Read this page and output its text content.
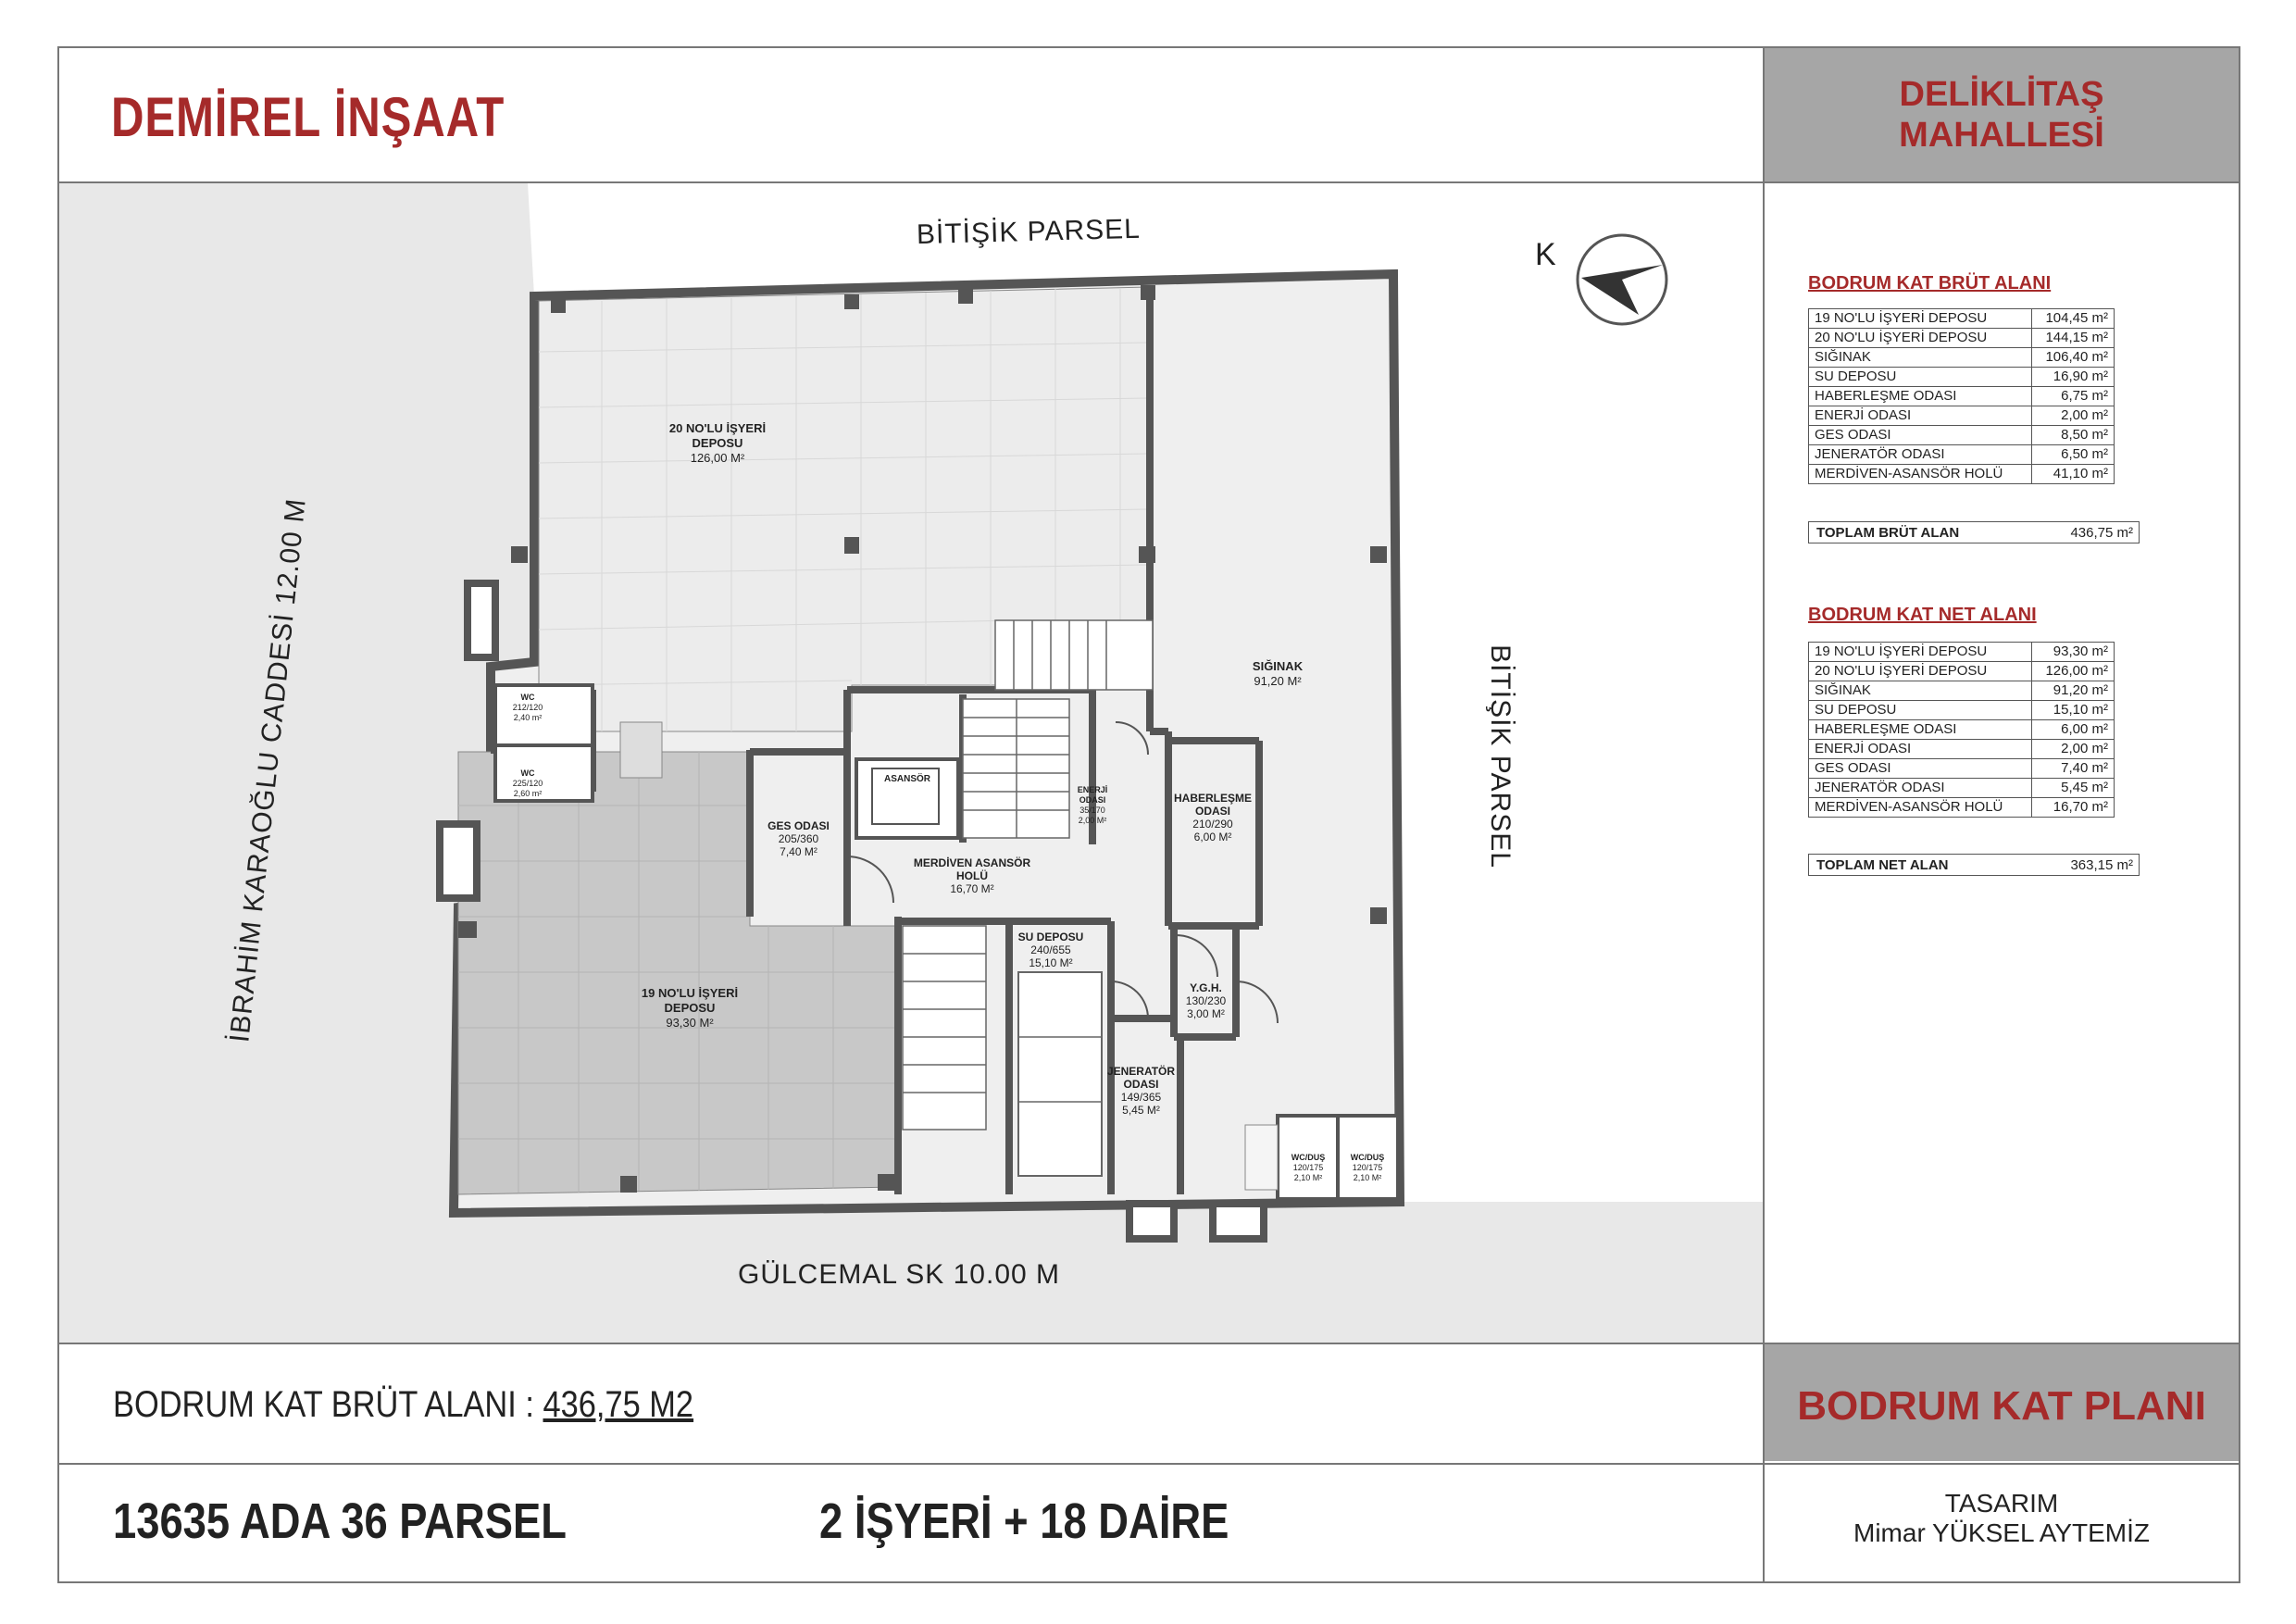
DEMİREL İNŞAAT	DELİKLİTAŞ
MAHALLESİ
K
BİTİŞİK PARSEL
BİTİŞİK PARSEL
İBRAHİM KARAOĞLU CADDESİ 12.00 M
GÜLCEMAL SK 10.00 M
20 NO'LU İŞYERİ
DEPOSU
126,00 M²
19 NO'LU İŞYERİ
DEPOSU
93,30 M²
SIĞINAK
91,20 M²
GES ODASI
205/360
7,40 M²
ASANSÖR
MERDİVEN ASANSÖR
HOLÜ
16,70 M²
ENERJİ
ODASI
35/170
2,00 M²
HABERLEŞME
ODASI
210/290
6,00 M²
SU DEPOSU
240/655
15,10 M²
Y.G.H.
130/230
3,00 M²
JENERATÖR
ODASI
149/365
5,45 M²
WC
212/120
2,40 m²
WC
225/120
2,60 m²
WC/DUŞ
120/175
2,10 M²
WC/DUŞ
120/175
2,10 M²
BODRUM KAT BRÜT ALANI
19 NO'LU İŞYERİ DEPOSU	104,45 m²
20 NO'LU İŞYERİ DEPOSU	144,15 m²
SIĞINAK	106,40 m²
SU DEPOSU	16,90 m²
HABERLEŞME ODASI	6,75 m²
ENERJİ ODASI	2,00 m²
GES ODASI	8,50 m²
JENERATÖR ODASI	6,50 m²
MERDİVEN-ASANSÖR HOLÜ	41,10 m²
TOPLAM BRÜT ALAN	436,75 m²
BODRUM KAT NET ALANI
19 NO'LU İŞYERİ DEPOSU	93,30 m²
20 NO'LU İŞYERİ DEPOSU	126,00 m²
SIĞINAK	91,20 m²
SU DEPOSU	15,10 m²
HABERLEŞME ODASI	6,00 m²
ENERJİ ODASI	2,00 m²
GES ODASI	7,40 m²
JENERATÖR ODASI	5,45 m²
MERDİVEN-ASANSÖR HOLÜ	16,70 m²
TOPLAM NET ALAN	363,15 m²
BODRUM KAT BRÜT ALANI : 436,75 M2	BODRUM KAT PLANI
13635 ADA 36 PARSEL	2 İŞYERİ + 18 DAİRE	TASARIM
Mimar YÜKSEL AYTEMİZ
